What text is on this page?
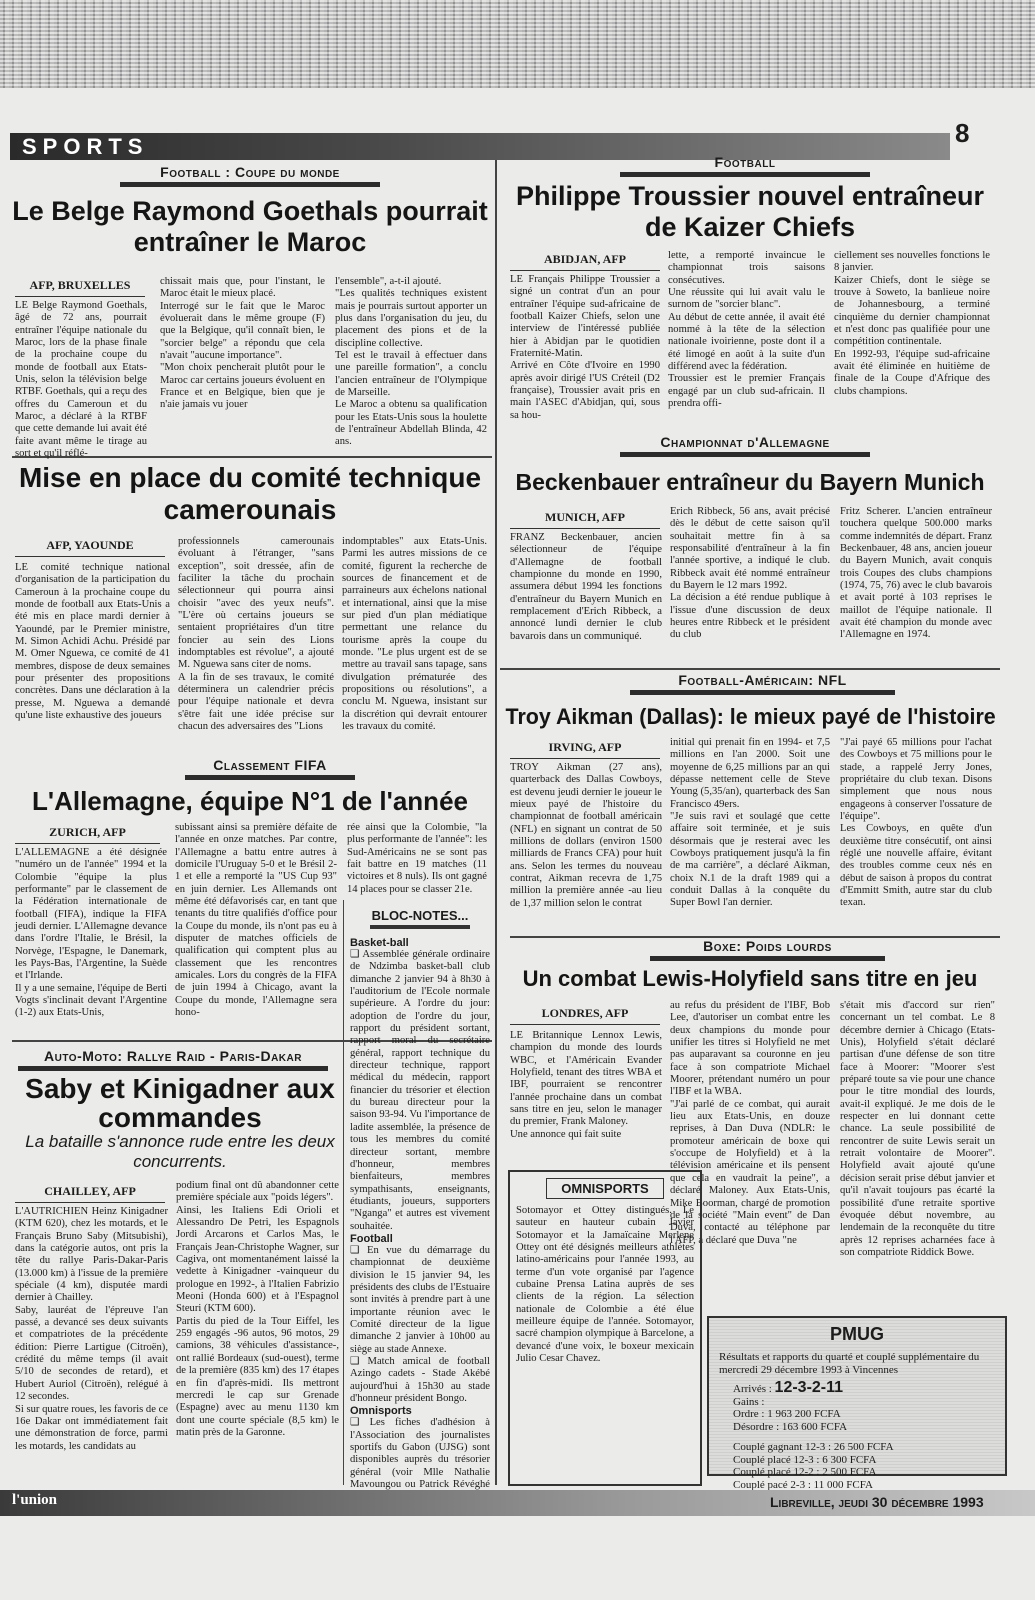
SPORTS	8
Football : Coupe du monde
Le Belge Raymond Goethals pourrait entraîner le Maroc
AFP, BRUXELLES
LE Belge Raymond Goethals, âgé de 72 ans, pourrait entraîner l'équipe nationale du Maroc, lors de la phase finale de la prochaine coupe du monde de football aux Etats-Unis, selon la télévision belge RTBF. Goethals, qui a reçu des offres du Cameroun et du Maroc, a déclaré à la RTBF que cette demande lui avait été faite avant même le tirage au sort et qu'il réflé-
chissait mais que, pour l'instant, le Maroc était le mieux placé.
Interrogé sur le fait que le Maroc évoluerait dans le même groupe (F) que la Belgique, qu'il connaît bien, le "sorcier belge" a répondu que cela n'avait "aucune importance".
"Mon choix pencherait plutôt pour le Maroc car certains joueurs évoluent en France et en Belgique, bien que je n'aie jamais vu jouer
l'ensemble", a-t-il ajouté.
"Les qualités techniques existent mais je pourrais surtout apporter un plus dans l'organisation du jeu, du placement des pions et de la discipline collective.
Tel est le travail à effectuer dans une pareille formation", a conclu l'ancien entraîneur de l'Olympique de Marseille.
Le Maroc a obtenu sa qualification pour les Etats-Unis sous la houlette de l'entraîneur Abdellah Blinda, 42 ans.
Mise en place du comité technique camerounais
AFP, YAOUNDE
LE comité technique national d'organisation de la participation du Cameroun à la prochaine coupe du monde de football aux Etats-Unis a été mis en place mardi dernier à Yaoundé, par le Premier ministre, M. Simon Achidi Achu. Présidé par M. Omer Nguewa, ce comité de 41 membres, dispose de deux semaines pour présenter des propositions concrètes. Dans une déclaration à la presse, M. Nguewa a demandé qu'une liste exhaustive des joueurs
professionnels camerounais évoluant à l'étranger, "sans exception", soit dressée, afin de faciliter la tâche du prochain sélectionneur qui pourra ainsi choisir "avec des yeux neufs". "L'ère où certains joueurs se sentaient propriétaires d'un titre foncier au sein des Lions indomptables est révolue", a ajouté M. Nguewa sans citer de noms.
A la fin de ses travaux, le comité déterminera un calendrier précis pour l'équipe nationale et devra s'être fait une idée précise sur chacun des adversaires des "Lions
indomptables" aux Etats-Unis. Parmi les autres missions de ce comité, figurent la recherche de sources de financement et de parraineurs aux échelons national et international, ainsi que la mise sur pied d'un plan médiatique permettant une relance du tourisme après la coupe du monde. "Le plus urgent est de se mettre au travail sans tapage, sans divulgation prématurée des propositions ou résolutions", a conclu M. Nguewa, insistant sur la discrétion qui devrait entourer les travaux du comité.
Classement FIFA
L'Allemagne, équipe N°1 de l'année
ZURICH, AFP
L'ALLEMAGNE a été désignée "numéro un de l'année" 1994 et la Colombie "équipe la plus performante" par le classement de la Fédération internationale de football (FIFA), indique la FIFA jeudi dernier. L'Allemagne devance dans l'ordre l'Italie, le Brésil, la Norvège, l'Espagne, le Danemark, les Pays-Bas, l'Argentine, la Suède et l'Irlande.
Il y a une semaine, l'équipe de Berti Vogts s'inclinait devant l'Argentine (1-2) aux Etats-Unis,
subissant ainsi sa première défaite de l'année en onze matches. Par contre, l'Allemagne a battu entre autres à domicile l'Uruguay 5-0 et le Brésil 2-1 et elle a remporté la "US Cup 93" en juin dernier. Les Allemands ont même été défavorisés car, en tant que tenants du titre qualifiés d'office pour la Coupe du monde, ils n'ont pas eu à disputer de matches officiels de qualification qui comptent plus au classement que les rencontres amicales. Lors du congrès de la FIFA de juin 1994 à Chicago, avant la Coupe du monde, l'Allemagne sera hono-
rée ainsi que la Colombie, "la plus performante de l'année": les Sud-Américains ne se sont pas fait battre en 19 matches (11 victoires et 8 nuls). Ils ont gagné 14 places pour se classer 21e.
BLOC-NOTES...
Basket-ball
❑ Assemblée générale ordinaire de Ndzimba basket-ball club dimanche 2 janvier 94 à 8h30 à l'auditorium de l'Ecole normale supérieure. A l'ordre du jour: adoption de l'ordre du jour, rapport du président sortant, rapport moral du secrétaire général, rapport technique du directeur technique, rapport médical du médecin, rapport financier du trésorier et élection du bureau directeur pour la saison 93-94. Vu l'importance de ladite assemblée, la présence de tous les membres du comité directeur sortant, membre d'honneur, membres bienfaiteurs, membres sympathisants, enseignants, étudiants, joueurs, supporters "Nganga" et autres est vivement souhaitée.
Football
❑ En vue du démarrage du championnat de deuxième division le 15 janvier 94, les présidents des clubs de l'Estuaire sont invités à prendre part à une importante réunion avec le Comité directeur de la ligue dimanche 2 janvier à 10h00 au siège au stade Annexe.
❑ Match amical de football Azingo cadets - Stade Akébé aujourd'hui à 15h30 au stade d'honneur président Bongo.
Omnisports
❑ Les fiches d'adhésion à l'Association des journalistes sportifs du Gabon (UJSG) sont disponibles auprès du trésorier général (voir Mlle Nathalie Mavoungou ou Patrick Révéghé
Auto-Moto: Rallye Raid - Paris-Dakar
Saby et Kinigadner aux commandes
La bataille s'annonce rude entre les deux concurrents.
CHAILLEY, AFP
L'AUTRICHIEN Heinz Kinigadner (KTM 620), chez les motards, et le Français Bruno Saby (Mitsubishi), dans la catégorie autos, ont pris la tête du rallye Paris-Dakar-Paris (13.000 km) à l'issue de la première spéciale (4 km), disputée mardi dernier à Chailley.
Saby, lauréat de l'épreuve l'an passé, a devancé ses deux suivants et compatriotes de la précédente édition: Pierre Lartigue (Citroën), crédité du même temps (il avait 5/10 de secondes de retard), et Hubert Auriol (Citroën), relégué à 12 secondes.
Si sur quatre roues, les favoris de ce 16e Dakar ont immédiatement fait une démonstration de force, parmi les motards, les candidats au
podium final ont dû abandonner cette première spéciale aux "poids légers".
Ainsi, les Italiens Edi Orioli et Alessandro De Petri, les Espagnols Jordi Arcarons et Carlos Mas, le Français Jean-Christophe Wagner, sur Cagiva, ont momentanément laissé la vedette à Kinigadner -vainqueur du prologue en 1992-, à l'Italien Fabrizio Meoni (Honda 600) et à l'Espagnol Steuri (KTM 600).
Partis du pied de la Tour Eiffel, les 259 engagés -96 autos, 96 motos, 29 camions, 38 véhicules d'assistance-, ont rallié Bordeaux (sud-ouest), terme de la première (835 km) des 17 étapes en fin d'après-midi. Ils mettront mercredi le cap sur Grenade (Espagne) avec au menu 1130 km dont une courte spéciale (8,5 km) le matin près de la Garonne.
Football
Philippe Troussier nouvel entraîneur de Kaizer Chiefs
ABIDJAN, AFP
LE Français Philippe Troussier a signé un contrat d'un an pour entraîner l'équipe sud-africaine de football Kaizer Chiefs, selon une interview de l'intéressé publiée hier à Abidjan par le quotidien Fraternité-Matin.
Arrivé en Côte d'Ivoire en 1990 après avoir dirigé l'US Créteil (D2 française), Troussier avait pris en main l'ASEC d'Abidjan, qui, sous sa hou-
lette, a remporté invaincue le championnat trois saisons consécutives.
Une réussite qui lui avait valu le surnom de "sorcier blanc".
Au début de cette année, il avait été nommé à la tête de la sélection nationale ivoirienne, poste dont il a été limogé en août à la suite d'un différend avec la fédération.
Troussier est le premier Français engagé par un club sud-africain. Il prendra offi-
ciellement ses nouvelles fonctions le 8 janvier.
Kaizer Chiefs, dont le siège se trouve à Soweto, la banlieue noire de Johannesbourg, a terminé cinquième du dernier championnat et n'est donc pas qualifiée pour une compétition continentale.
En 1992-93, l'équipe sud-africaine avait été éliminée en huitième de finale de la Coupe d'Afrique des clubs champions.
Championnat d'Allemagne
Beckenbauer entraîneur du Bayern Munich
MUNICH, AFP
FRANZ Beckenbauer, ancien sélectionneur de l'équipe d'Allemagne de football championne du monde en 1990, assumera début 1994 les fonctions d'entraîneur du Bayern Munich en remplacement d'Erich Ribbeck, a annoncé lundi dernier le club bavarois dans un communiqué.
Erich Ribbeck, 56 ans, avait précisé dès le début de cette saison qu'il souhaitait mettre fin à sa responsabilité d'entraîneur à la fin l'année sportive, a indiqué le club. Ribbeck avait été nommé entraîneur du Bayern le 12 mars 1992.
La décision a été rendue publique à l'issue d'une discussion de deux heures entre Ribbeck et le président du club
Fritz Scherer. L'ancien entraîneur touchera quelque 500.000 marks comme indemnités de départ. Franz Beckenbauer, 48 ans, ancien joueur du Bayern Munich, avait conquis trois Coupes des clubs champions (1974, 75, 76) avec le club bavarois et avait porté à 103 reprises le maillot de l'équipe nationale. Il avait été champion du monde avec l'Allemagne en 1974.
Football-Américain: NFL
Troy Aikman (Dallas): le mieux payé de l'histoire
IRVING, AFP
TROY Aikman (27 ans), quarterback des Dallas Cowboys, est devenu jeudi dernier le joueur le mieux payé de l'histoire du championnat de football américain (NFL) en signant un contrat de 50 millions de dollars (environ 1500 milliards de Francs CFA) pour huit ans. Selon les termes du nouveau contrat, Aikman recevra de 1,75 million la première année -au lieu de 1,37 million selon le contrat
initial qui prenait fin en 1994- et 7,5 millions en l'an 2000. Soit une moyenne de 6,25 millions par an qui dépasse nettement celle de Steve Young (5,35/an), quarterback des San Francisco 49ers.
"Je suis ravi et soulagé que cette affaire soit terminée, et je suis désormais que je resterai avec les Cowboys pratiquement jusqu'à la fin de ma carrière", a déclaré Aikman, choix N.1 de la draft 1989 qui a conduit Dallas à la conquête du Super Bowl l'an dernier.
"J'ai payé 65 millions pour l'achat des Cowboys et 75 millions pour le stade, a rappelé Jerry Jones, propriétaire du club texan. Disons simplement que nous nous engageons à conserver l'ossature de l'équipe".
Les Cowboys, en quête d'un deuxième titre consécutif, ont ainsi réglé une nouvelle affaire, évitant des troubles comme ceux nés en début de saison à propos du contrat d'Emmitt Smith, autre star du club texan.
Boxe: Poids lourds
Un combat Lewis-Holyfield sans titre en jeu
LONDRES, AFP
LE Britannique Lennox Lewis, champion du monde des lourds WBC, et l'Américain Evander Holyfield, tenant des titres WBA et IBF, pourraient se rencontrer l'année prochaine dans un combat sans titre en jeu, selon le manager du premier, Frank Maloney.
Une annonce qui fait suite
au refus du président de l'IBF, Bob Lee, d'autoriser un combat entre les deux champions du monde pour unifier les titres si Holyfield ne met pas auparavant sa couronne en jeu face à son compatriote Michael Moorer, prétendant numéro un pour l'IBF et la WBA.
"J'ai parlé de ce combat, qui aurait lieu aux Etats-Unis, en douze reprises, à Dan Duva (NDLR: le promoteur américain de boxe qui s'occupe de Holyfield) et à la télévision américaine et ils pensent que cela en vaudrait la peine", a déclaré Maloney. Aux Etats-Unis, Mike Boorman, chargé de promotion de la société "Main event" de Dan Duva, contacté au téléphone par l'AFP, a déclaré que Duva "ne
s'était mis d'accord sur rien" concernant un tel combat. Le 8 décembre dernier à Chicago (Etats-Unis), Holyfield s'était déclaré partisan d'une défense de son titre face à Moorer: "Moorer s'est préparé toute sa vie pour une chance pour le titre mondial des lourds, avait-il expliqué. Je me dois de le respecter en lui donnant cette chance. La seule possibilité de rencontrer de suite Lewis serait un retrait volontaire de Moorer". Holyfield avait ajouté qu'une décision serait prise début janvier et qu'il n'avait toujours pas écarté la possibilité d'une retraite sportive évoquée début novembre, au lendemain de la reconquête du titre après 12 reprises acharnées face à son compatriote Riddick Bowe.
OMNISPORTS
Sotomayor et Ottey distingués. Le sauteur en hauteur cubain Javier Sotomayor et la Jamaïcaine Merlene Ottey ont été désignés meilleurs athlètes latino-américains pour l'année 1993, au terme d'un vote organisé par l'agence cubaine Prensa Latina auprès de ses clients de la région. La sélection nationale de Colombie a été élue meilleure équipe de l'année. Sotomayor, sacré champion olympique à Barcelone, a devancé d'une voix, le boxeur mexicain Julio Cesar Chavez.
PMUG
Résultats et rapports du quarté et couplé supplémentaire du mercredi 29 décembre 1993 à Vincennes
Arrivés : 12-3-2-11
Gains :
Ordre : 1 963 200 FCFA
Désordre : 163 600 FCFA
Couplé gagnant 12-3 : 26 500 FCFA
Couplé placé 12-3 : 6 300 FCFA
Couplé placé 12-2 : 2 500 FCFA
Couplé pacé 2-3 : 11 000 FCFA
l'union	Libreville, jeudi 30 décembre 1993
